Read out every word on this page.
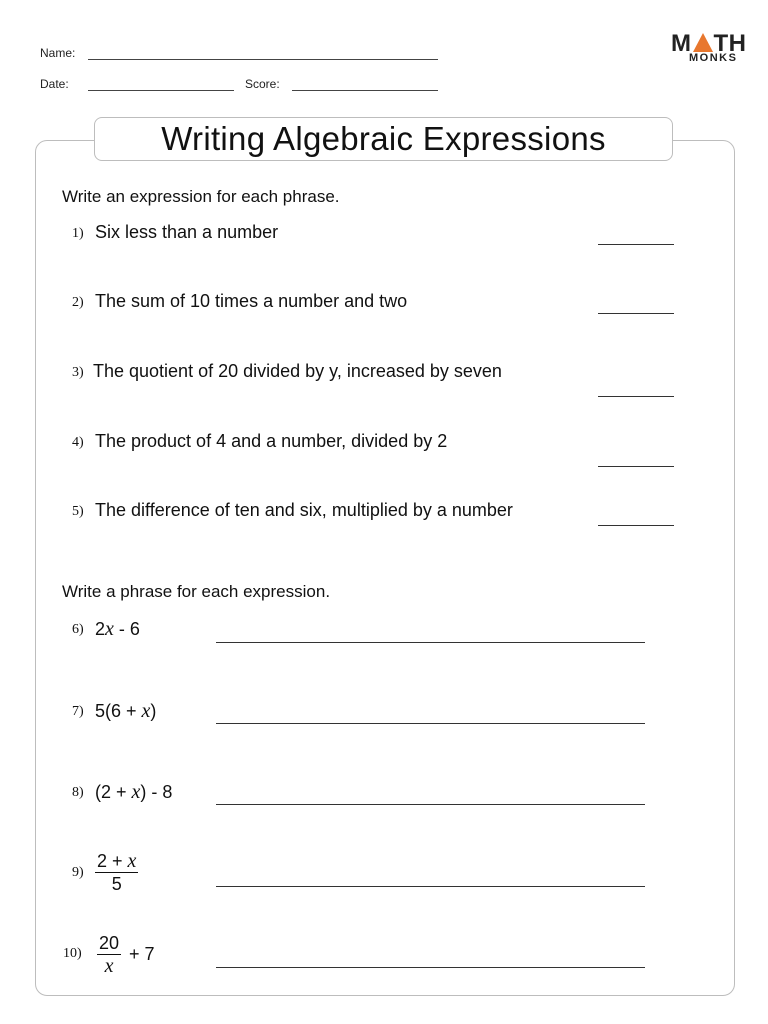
Name:
Date:	Score:
M TH
MONKS
Writing Algebraic Expressions
Write an expression for each phrase.
1) Six less than a number
2) The sum of 10 times a number and two
3) The quotient of 20 divided by y, increased by seven
4) The product of 4 and a number, divided by 2
5) The difference of ten and six, multiplied by a number
Write a phrase for each expression.
6) 2x - 6
7) 5(6 + x)
8) (2 + x) - 8
$9) \frac{2 + x}{5}$
$10) \frac{20}{x} + 7$
